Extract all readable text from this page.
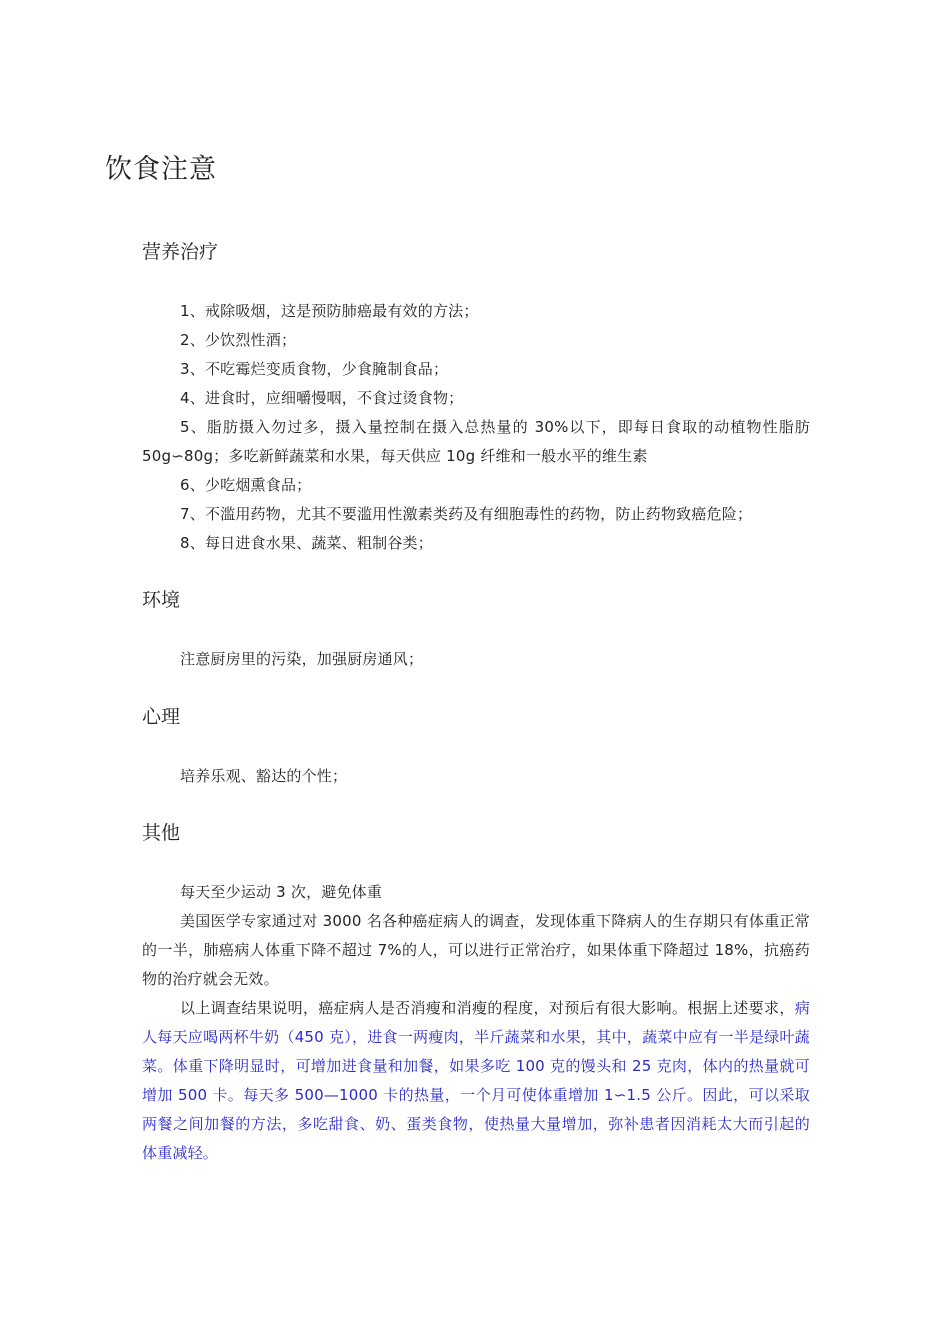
饮食注意
营养治疗

1、戒除吸烟，这是预防肺癌最有效的方法；

2、少饮烈性酒；

3、不吃霉烂变质食物，少食腌制食品；

4、进食时，应细嚼慢咽，不食过烫食物；

5、脂肪摄入勿过多，摄入量控制在摄入总热量的 30%以下，即每日食取的动植物性脂肪 50g∽80g；多吃新鲜蔬菜和水果，每天供应 10g 纤维和一般水平的维生素

6、少吃烟熏食品；

7、不滥用药物，尤其不要滥用性激素类药及有细胞毒性的药物，防止药物致癌危险；

8、每日进食水果、蔬菜、粗制谷类；

环境

注意厨房里的污染，加强厨房通风；

心理

培养乐观、豁达的个性；

其他

每天至少运动 3 次，避免体重

美国医学专家通过对 3000 名各种癌症病人的调查，发现体重下降病人的生存期只有体重正常的一半，肺癌病人体重下降不超过 7%的人，可以进行正常治疗，如果体重下降超过 18%，抗癌药物的治疗就会无效。

以上调查结果说明，癌症病人是否消瘦和消瘦的程度，对预后有很大影响。根据上述要求，病人每天应喝两杯牛奶（450 克），进食一两瘦肉，半斤蔬菜和水果，其中，蔬菜中应有一半是绿叶蔬菜。体重下降明显时，可增加进食量和加餐，如果多吃 100 克的馒头和 25 克肉，体内的热量就可增加 500 卡。每天多 500—1000 卡的热量，一个月可使体重增加 1∽1.5 公斤。因此，可以采取两餐之间加餐的方法，多吃甜食、奶、蛋类食物，使热量大量增加，弥补患者因消耗太大而引起的体重减轻。
